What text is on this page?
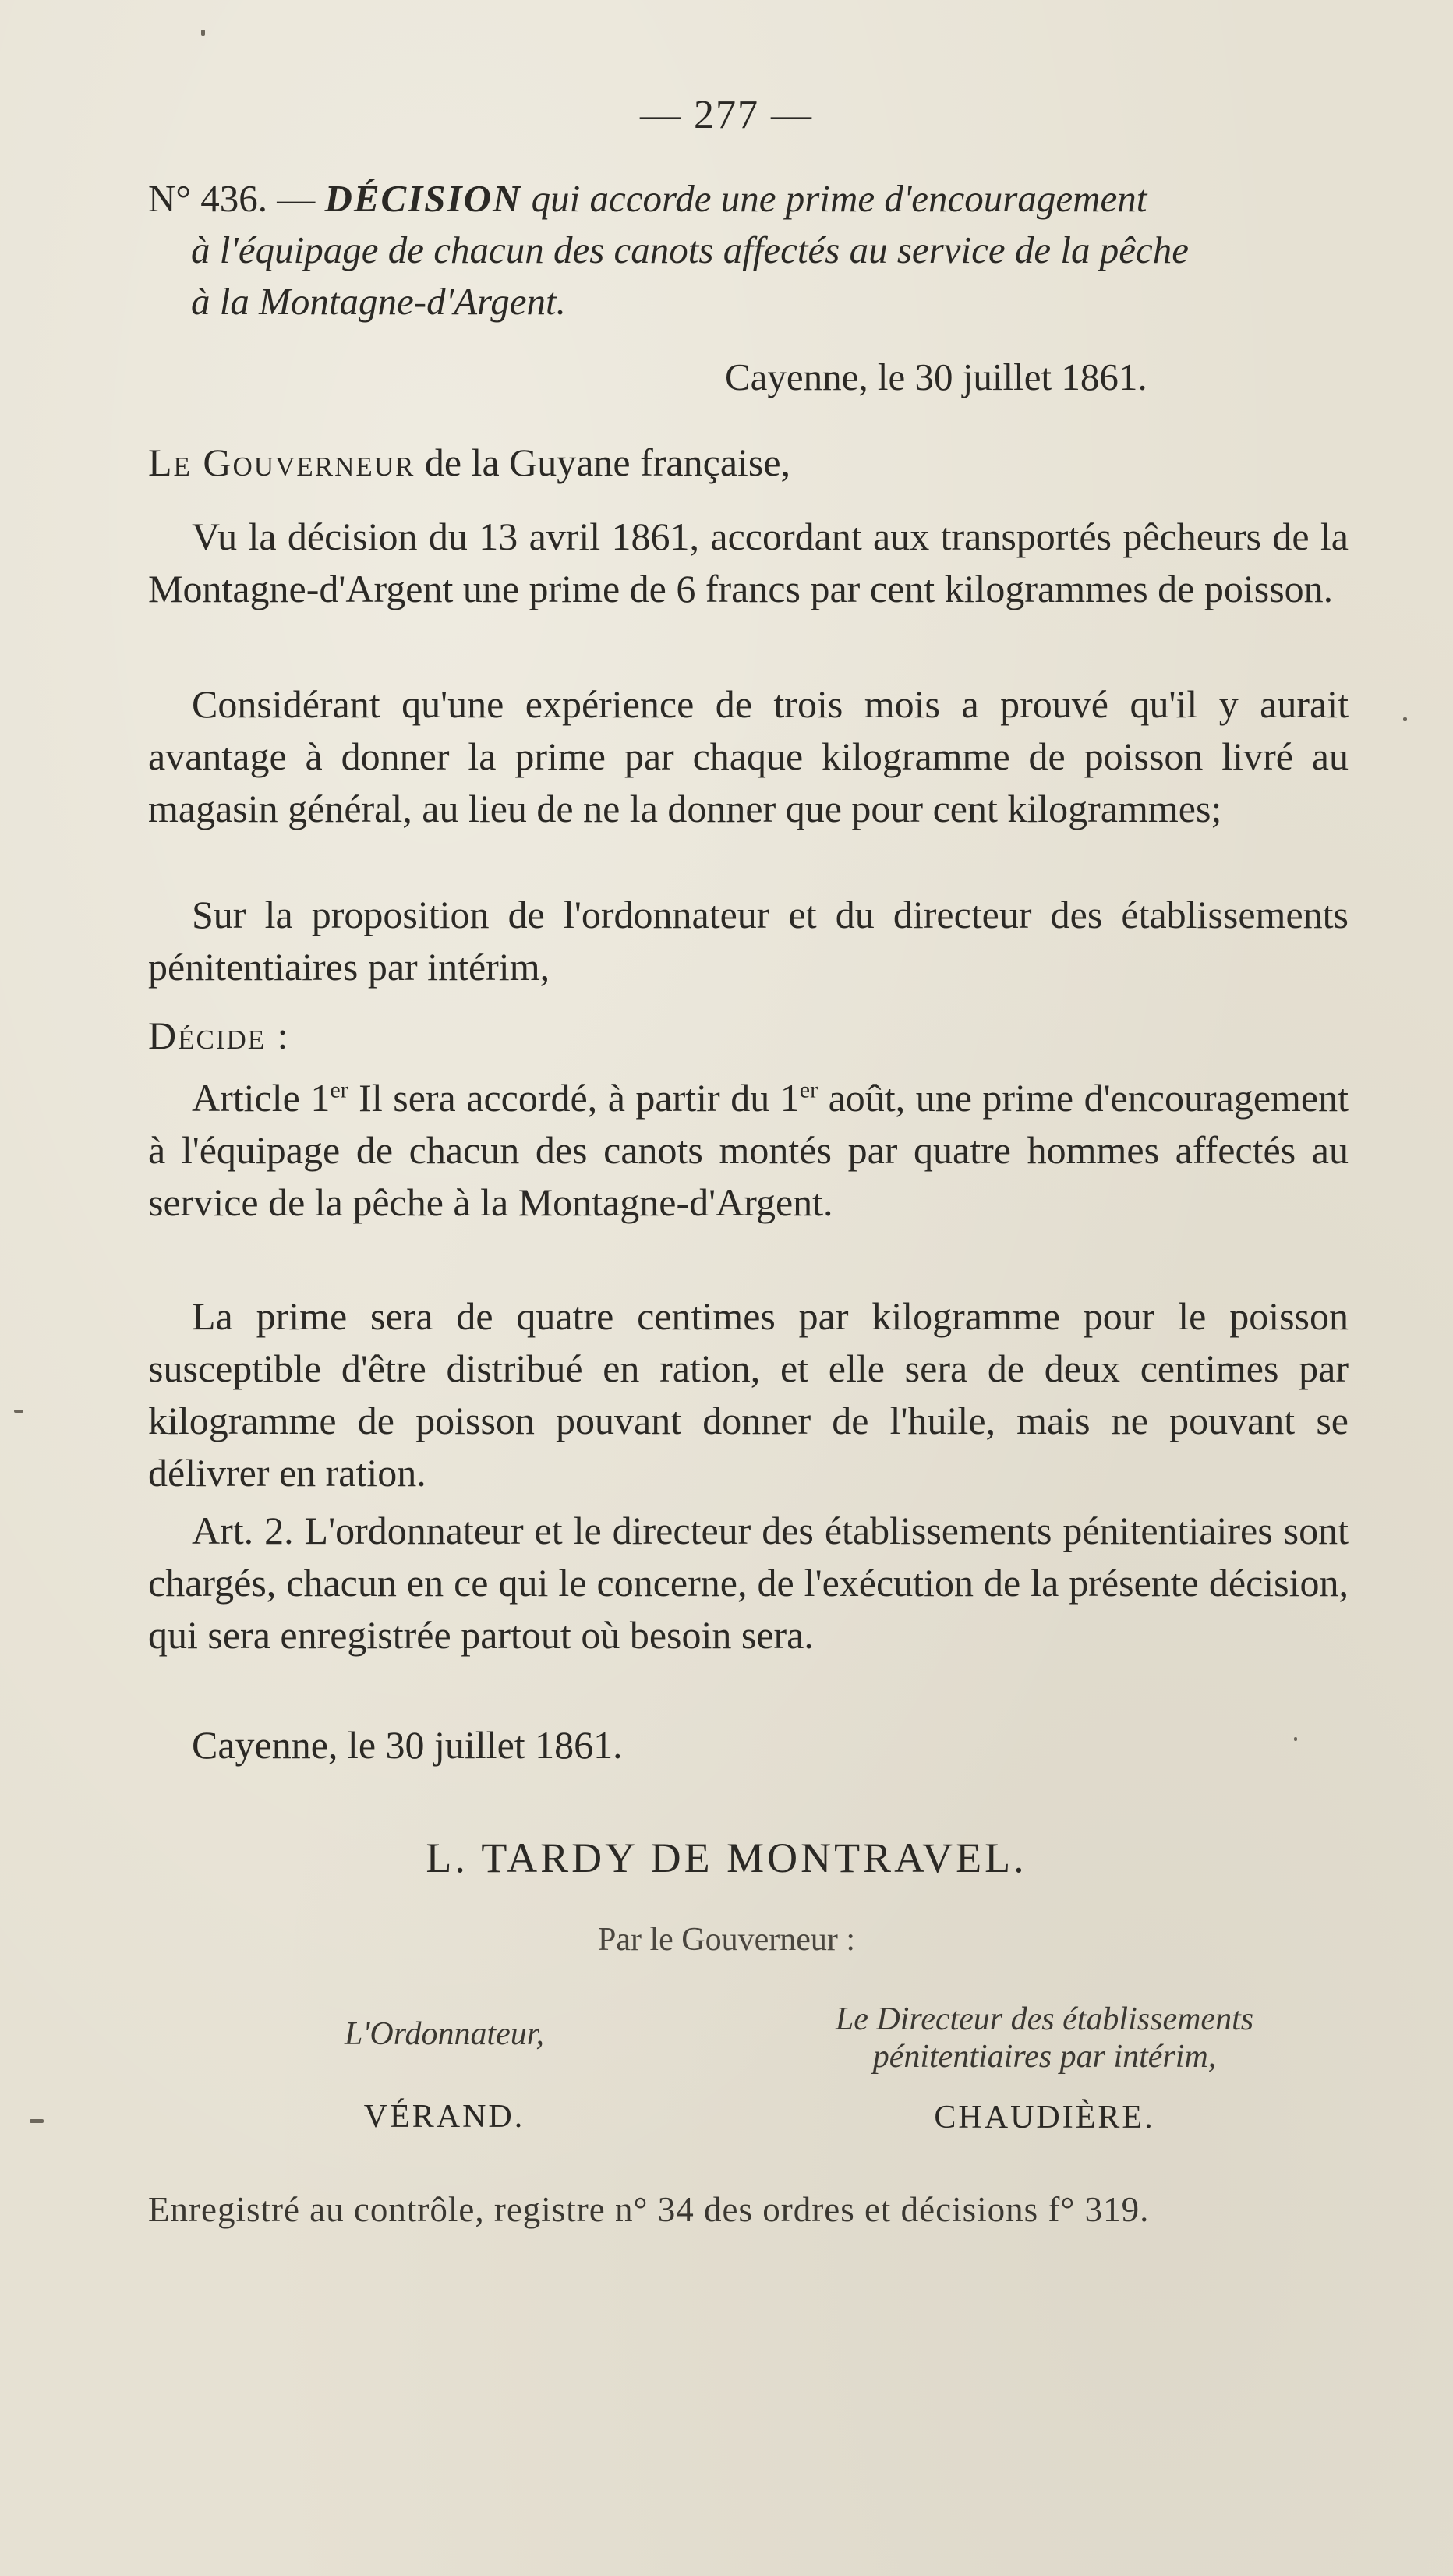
— 277 —
N° 436. — DÉCISION qui accorde une prime d'encouragement
à l'équipage de chacun des canots affectés au service de la pêche
à la Montagne-d'Argent.
Cayenne, le 30 juillet 1861.
Le Gouverneur de la Guyane française,
Vu la décision du 13 avril 1861, accordant aux transportés pêcheurs de la Montagne-d'Argent une prime de 6 francs par cent kilogrammes de poisson.
Considérant qu'une expérience de trois mois a prouvé qu'il y aurait avantage à donner la prime par chaque kilogramme de poisson livré au magasin général, au lieu de ne la donner que pour cent kilogrammes;
Sur la proposition de l'ordonnateur et du directeur des établissements pénitentiaires par intérim,
Décide :
Article 1er Il sera accordé, à partir du 1er août, une prime d'encouragement à l'équipage de chacun des canots montés par quatre hommes affectés au service de la pêche à la Montagne-d'Argent.
La prime sera de quatre centimes par kilogramme pour le poisson susceptible d'être distribué en ration, et elle sera de deux centimes par kilogramme de poisson pouvant donner de l'huile, mais ne pouvant se délivrer en ration.
Art. 2. L'ordonnateur et le directeur des établissements pénitentiaires sont chargés, chacun en ce qui le concerne, de l'exécution de la présente décision, qui sera enregistrée partout où besoin sera.
Cayenne, le 30 juillet 1861.
L. TARDY DE MONTRAVEL.
Par le Gouverneur :
L'Ordonnateur,
VÉRAND.
Le Directeur des établissements
pénitentiaires par intérim,
CHAUDIÈRE.
Enregistré au contrôle, registre n° 34 des ordres et décisions f° 319.
